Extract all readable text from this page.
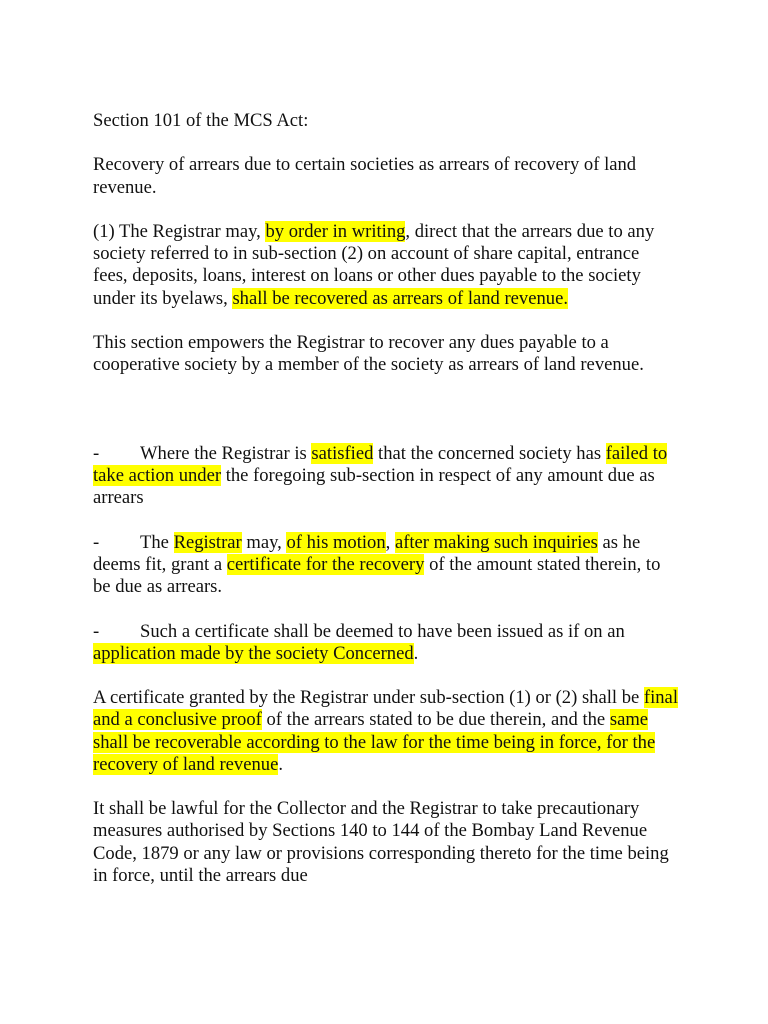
Section 101 of the MCS Act:

Recovery of arrears due to certain societies as arrears of recovery of land revenue.

(1) The Registrar may, by order in writing, direct that the arrears due to any society referred to in sub-section (2) on account of share capital, entrance fees, deposits, loans, interest on loans or other dues payable to the society under its byelaws, shall be recovered as arrears of land revenue.

This section empowers the Registrar to recover any dues payable to a cooperative society by a member of the society as arrears of land revenue.

- Where the Registrar is satisfied that the concerned society has failed to take action under the foregoing sub-section in respect of any amount due as arrears

- The Registrar may, of his motion, after making such inquiries as he deems fit, grant a certificate for the recovery of the amount stated therein, to be due as arrears.

- Such a certificate shall be deemed to have been issued as if on an application made by the society Concerned.

A certificate granted by the Registrar under sub-section (1) or (2) shall be final and a conclusive proof of the arrears stated to be due therein, and the same shall be recoverable according to the law for the time being in force, for the recovery of land revenue.

It shall be lawful for the Collector and the Registrar to take precautionary measures authorised by Sections 140 to 144 of the Bombay Land Revenue Code, 1879 or any law or provisions corresponding thereto for the time being in force, until the arrears due
